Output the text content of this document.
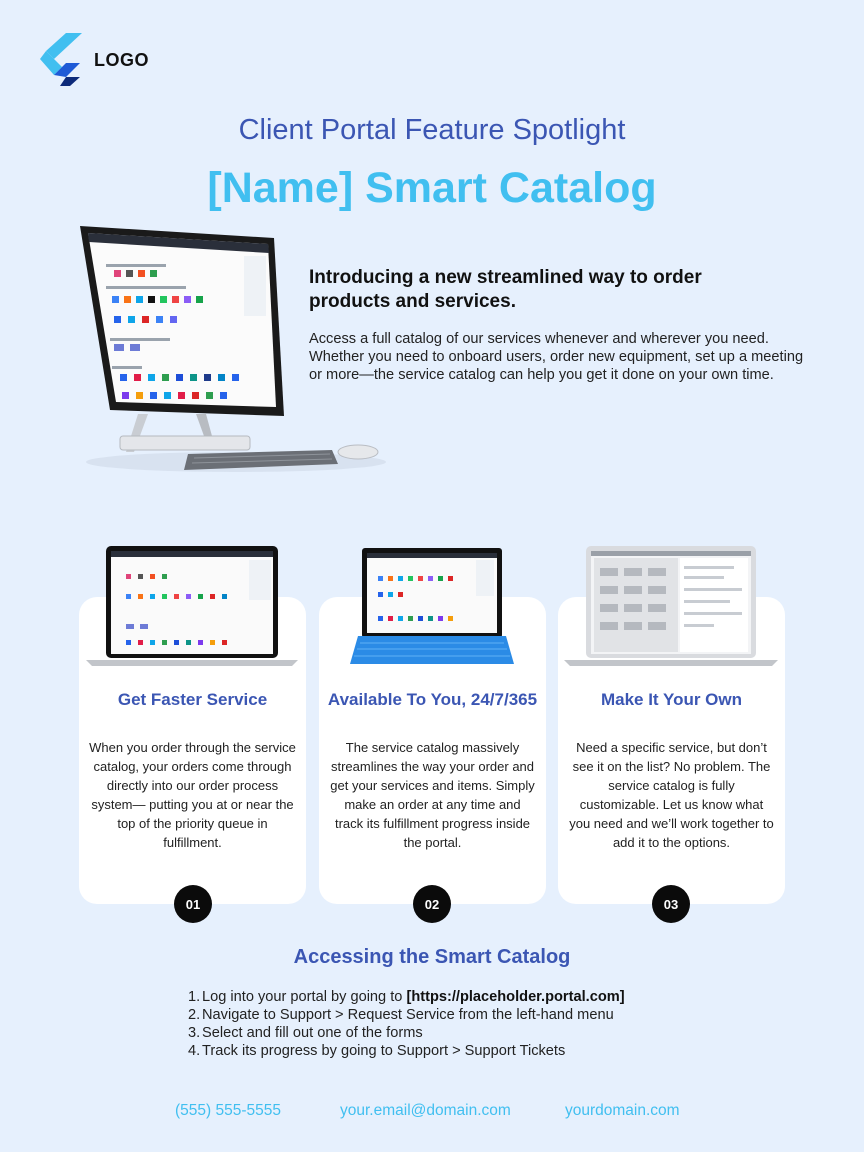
LOGO
Client Portal Feature Spotlight
[Name] Smart Catalog
Introducing a new streamlined way to order products and services.
Access a full catalog of our services whenever and wherever you need. Whether you need to onboard users, order new equipment, set up a meeting or more—the service catalog can help you get it done on your own time.
Get Faster Service
When you order through the service catalog, your orders come through directly into our order process system— putting you at or near the top of the priority queue in fulfillment.
01
Available To You, 24/7/365
The service catalog massively streamlines the way your order and get your services and items. Simply make an order at any time and track its fulfillment progress inside the portal.
02
Make It Your Own
Need a specific service, but don’t see it on the list? No problem. The service catalog is fully customizable. Let us know what you need and we’ll work together to add it to the options.
03
Accessing the Smart Catalog
1. Log into your portal by going to [https://placeholder.portal.com]
2. Navigate to Support > Request Service from the left-hand menu
3. Select and fill out one of the forms
4. Track its progress by going to Support > Support Tickets
(555) 555-5555	your.email@domain.com	yourdomain.com
